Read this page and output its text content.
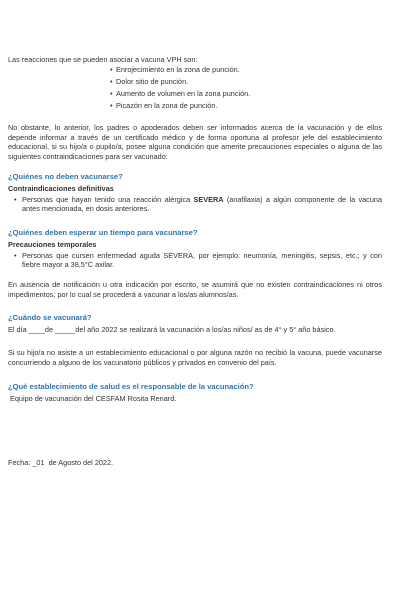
Las reacciones que se pueden asociar a vacuna VPH son:

• Enrojecimiento en la zona de punción.
• Dolor sitio de punción.
• Aumento de volumen en la zona punción.
• Picazón en la zona de punción.

No obstante, lo anterior, los padres o apoderados deben ser informados acerca de la vacunación y de ellos depende informar a través de un certificado médico y de forma oportuna al profesor jefe del establecimiento educacional, si su hijo/a o pupilo/a, posee alguna condición que amerite precauciones especiales o alguna de las siguientes contraindicaciones para ser vacunado:

¿Quiénes no deben vacunarse?

Contraindicaciones definitivas

• Personas que hayan tenido una reacción alérgica SEVERA (anafilaxia) a algún componente de la vacuna antes mencionada, en dosis anteriores.

¿Quiénes deben esperar un tiempo para vacunarse?

Precauciones temporales

• Personas que cursen enfermedad aguda SEVERA, por ejemplo: neumonía, meningitis, sepsis, etc.; y con fiebre mayor a 38,5°C axilar.

En ausencia de notificación u otra indicación por escrito, se asumirá que no existen contraindicaciones ni otros impedimentos, por lo cual se procederá a vacunar a los/as alumnos/as.

¿Cuándo se vacunará?

El día ____de _____del año 2022 se realizará la vacunación a los/as niños/ as de 4° y 5° año básico.

Si su hijo/a no asiste a un establecimiento educacional o por alguna razón no recibió la vacuna, puede vacunarse concurriendo a alguno de los vacunatorio públicos y privados en convenio del país.

¿Qué establecimiento de salud es el responsable de la vacunación?

Equipo de vacunación del CESFAM Rosita Renard.

Fecha: _01  de Agosto del 2022.
